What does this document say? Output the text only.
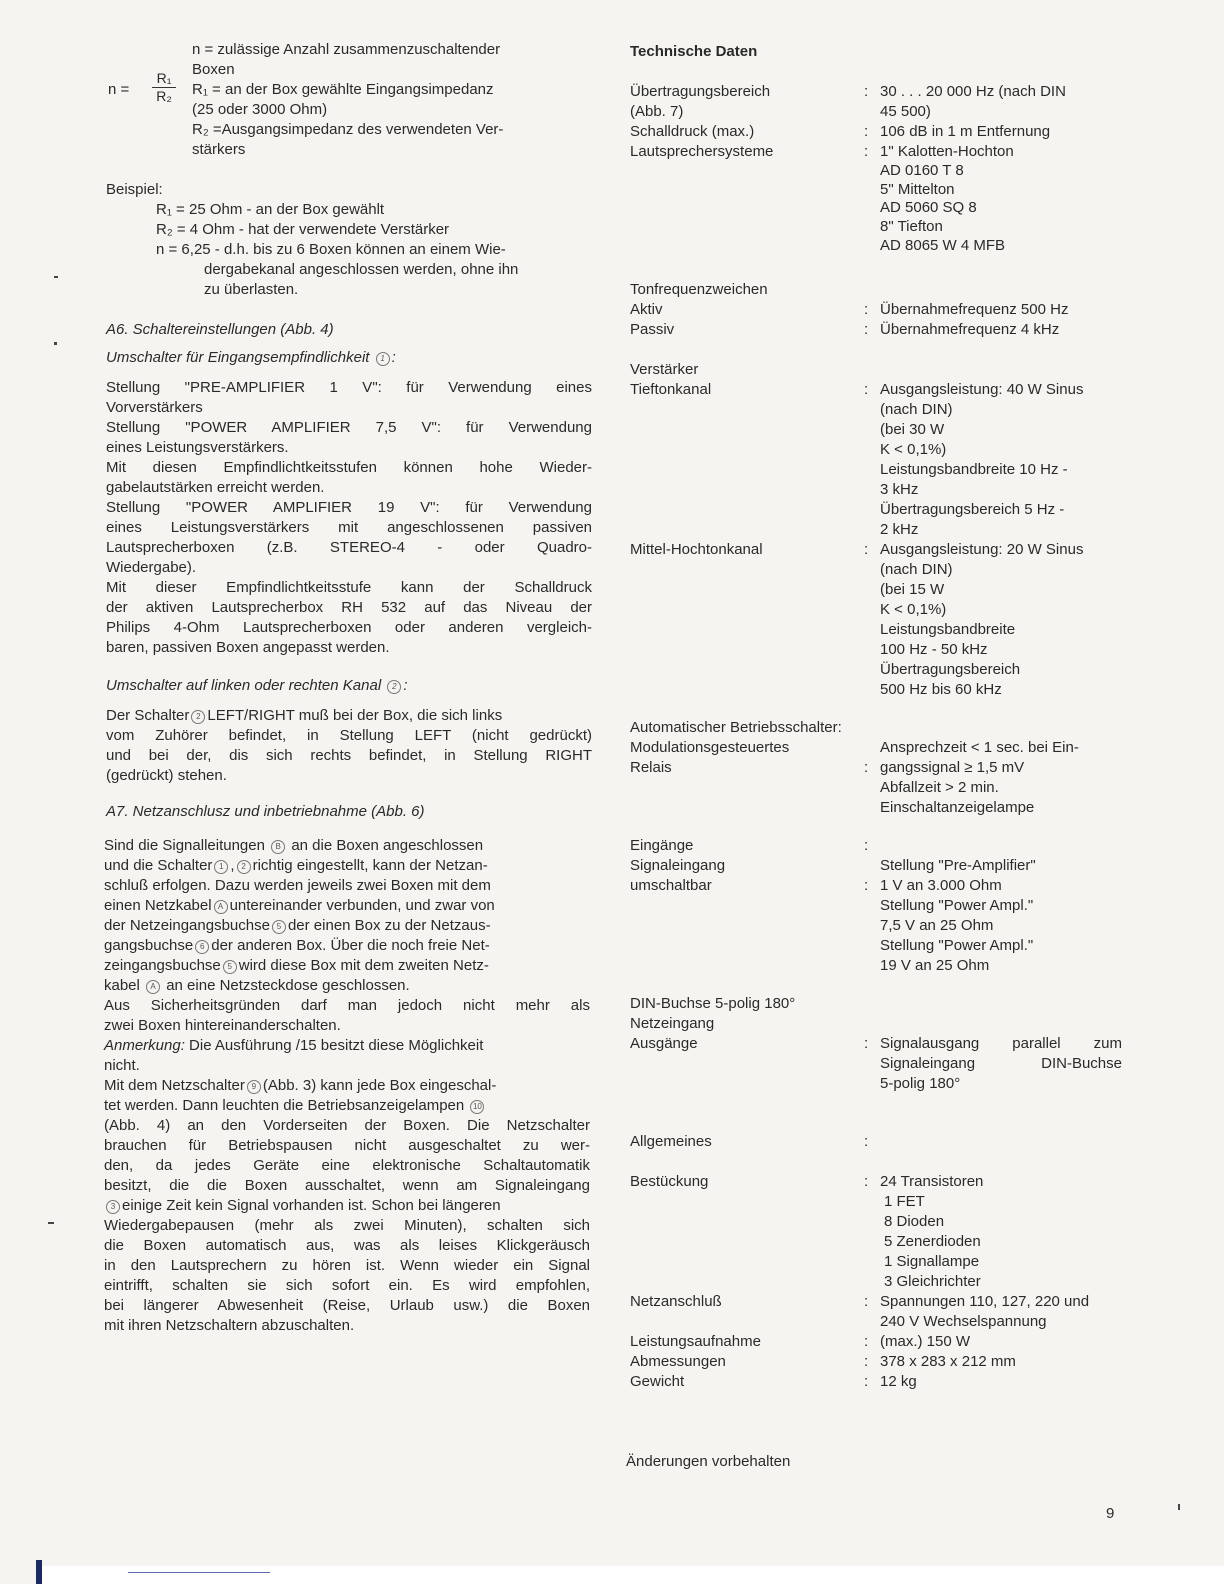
n = zulässige Anzahl zusammenzuschaltender
Boxen
$n = \frac{\text{R₁}}{\text{R₂}} R_1$ = an der Box gewählte Eingangsimpedanz
(25 oder 3000 Ohm)
R₂ =Ausgangsimpedanz des verwendeten Ver-
stärkers
Beispiel:
R₁ = 25 Ohm - an der Box gewählt
R₂ = 4 Ohm - hat der verwendete Verstärker
n = 6,25 - d.h. bis zu 6 Boxen können an einem Wie-
dergabekanal angeschlossen werden, ohne ihn
zu überlasten.
A6. Schaltereinstellungen (Abb. 4)
Umschalter für Eingangsempfindlichkeit 1 :
Stellung "PRE-AMPLIFIER 1 V": für Verwendung eines
Vorverstärkers
Stellung "POWER AMPLIFIER 7,5 V": für Verwendung
eines Leistungsverstärkers.
Mit diesen Empfindlichtkeitsstufen können hohe Wieder-
gabelautstärken erreicht werden.
Stellung "POWER AMPLIFIER 19 V": für Verwendung
eines Leistungsverstärkers mit angeschlossenen passiven
Lautsprecherboxen (z.B. STEREO-4 - oder Quadro-
Wiedergabe).
Mit dieser Empfindlichtkeitsstufe kann der Schalldruck
der aktiven Lautsprecherbox RH 532 auf das Niveau der
Philips 4-Ohm Lautsprecherboxen oder anderen vergleich-
baren, passiven Boxen angepasst werden.
Umschalter auf linken oder rechten Kanal 2 :
Der Schalter 2 LEFT/RIGHT muß bei der Box, die sich links
vom Zuhörer befindet, in Stellung LEFT (nicht gedrückt)
und bei der, dis sich rechts befindet, in Stellung RIGHT
(gedrückt) stehen.
A7. Netzanschlusz und inbetriebnahme (Abb. 6)
Sind die Signalleitungen B an die Boxen angeschlossen
und die Schalter 1 , 2 richtig eingestellt, kann der Netzan-
schluß erfolgen. Dazu werden jeweils zwei Boxen mit dem
einen Netzkabel A untereinander verbunden, und zwar von
der Netzeingangsbuchse 5 der einen Box zu der Netzaus-
gangsbuchse 6 der anderen Box. Über die noch freie Net-
zeingangsbuchse 5 wird diese Box mit dem zweiten Netz-
kabel A an eine Netzsteckdose geschlossen.
Aus Sicherheitsgründen darf man jedoch nicht mehr als
zwei Boxen hintereinanderschalten.
Anmerkung: Die Ausführung /15 besitzt diese Möglichkeit
nicht.
Mit dem Netzschalter 9 (Abb. 3) kann jede Box eingeschal-
tet werden. Dann leuchten die Betriebsanzeigelampen 10
(Abb. 4) an den Vorderseiten der Boxen. Die Netzschalter
brauchen für Betriebspausen nicht ausgeschaltet zu wer-
den, da jedes Geräte eine elektronische Schaltautomatik
besitzt, die die Boxen ausschaltet, wenn am Signaleingang
3 einige Zeit kein Signal vorhanden ist. Schon bei längeren
Wiedergabepausen (mehr als zwei Minuten), schalten sich
die Boxen automatisch aus, was als leises Klickgeräusch
in den Lautsprechern zu hören ist. Wenn wieder ein Signal
eintrifft, schalten sie sich sofort ein. Es wird empfohlen,
bei längerer Abwesenheit (Reise, Urlaub usw.) die Boxen
mit ihren Netzschaltern abzuschalten.
Technische Daten
Übertragungsbereich
(Abb. 7)
: 30 . . . 20 000 Hz (nach DIN
45 500)
Schalldruck (max.)	: 106 dB in 1 m Entfernung
Lautsprechersysteme	: 1" Kalotten-Hochton
AD 0160 T 8
5" Mittelton
AD 5060 SQ 8
8" Tiefton
AD 8065 W 4 MFB
Tonfrequenzweichen
Aktiv	: Übernahmefrequenz 500 Hz
Passiv	: Übernahmefrequenz 4 kHz
Verstärker
Tieftonkanal	: Ausgangsleistung: 40 W Sinus
(nach DIN)
(bei 30 W
K < 0,1%)
Leistungsbandbreite 10 Hz -
3 kHz
Übertragungsbereich 5 Hz -
2 kHz
Mittel-Hochtonkanal	: Ausgangsleistung: 20 W Sinus
(nach DIN)
(bei 15 W
K < 0,1%)
Leistungsbandbreite
100 Hz - 50 kHz
Übertragungsbereich
500 Hz bis 60 kHz
Automatischer Betriebsschalter:
Modulationsgesteuertes	Ansprechzeit < 1 sec. bei Ein-
Relais	: gangssignal ≥ 1,5 mV
Abfallzeit > 2 min.
Einschaltanzeigelampe
Eingänge	:
Signaleingang	Stellung "Pre-Amplifier"
umschaltbar	: 1 V an 3.000 Ohm
Stellung "Power Ampl."
7,5 V an 25 Ohm
Stellung "Power Ampl."
19 V an 25 Ohm
DIN-Buchse 5-polig 180°
Netzeingang
Ausgänge	: Signalausgang parallel zum
Signaleingang DIN-Buchse
5-polig 180°
Allgemeines	:
Bestückung	: 24 Transistoren
1 FET
8 Dioden
5 Zenerdioden
1 Signallampe
3 Gleichrichter
Netzanschluß	: Spannungen 110, 127, 220 und
240 V Wechselspannung
Leistungsaufnahme	: (max.) 150 W
Abmessungen	: 378 x 283 x 212 mm
Gewicht	: 12 kg
Änderungen vorbehalten
9
